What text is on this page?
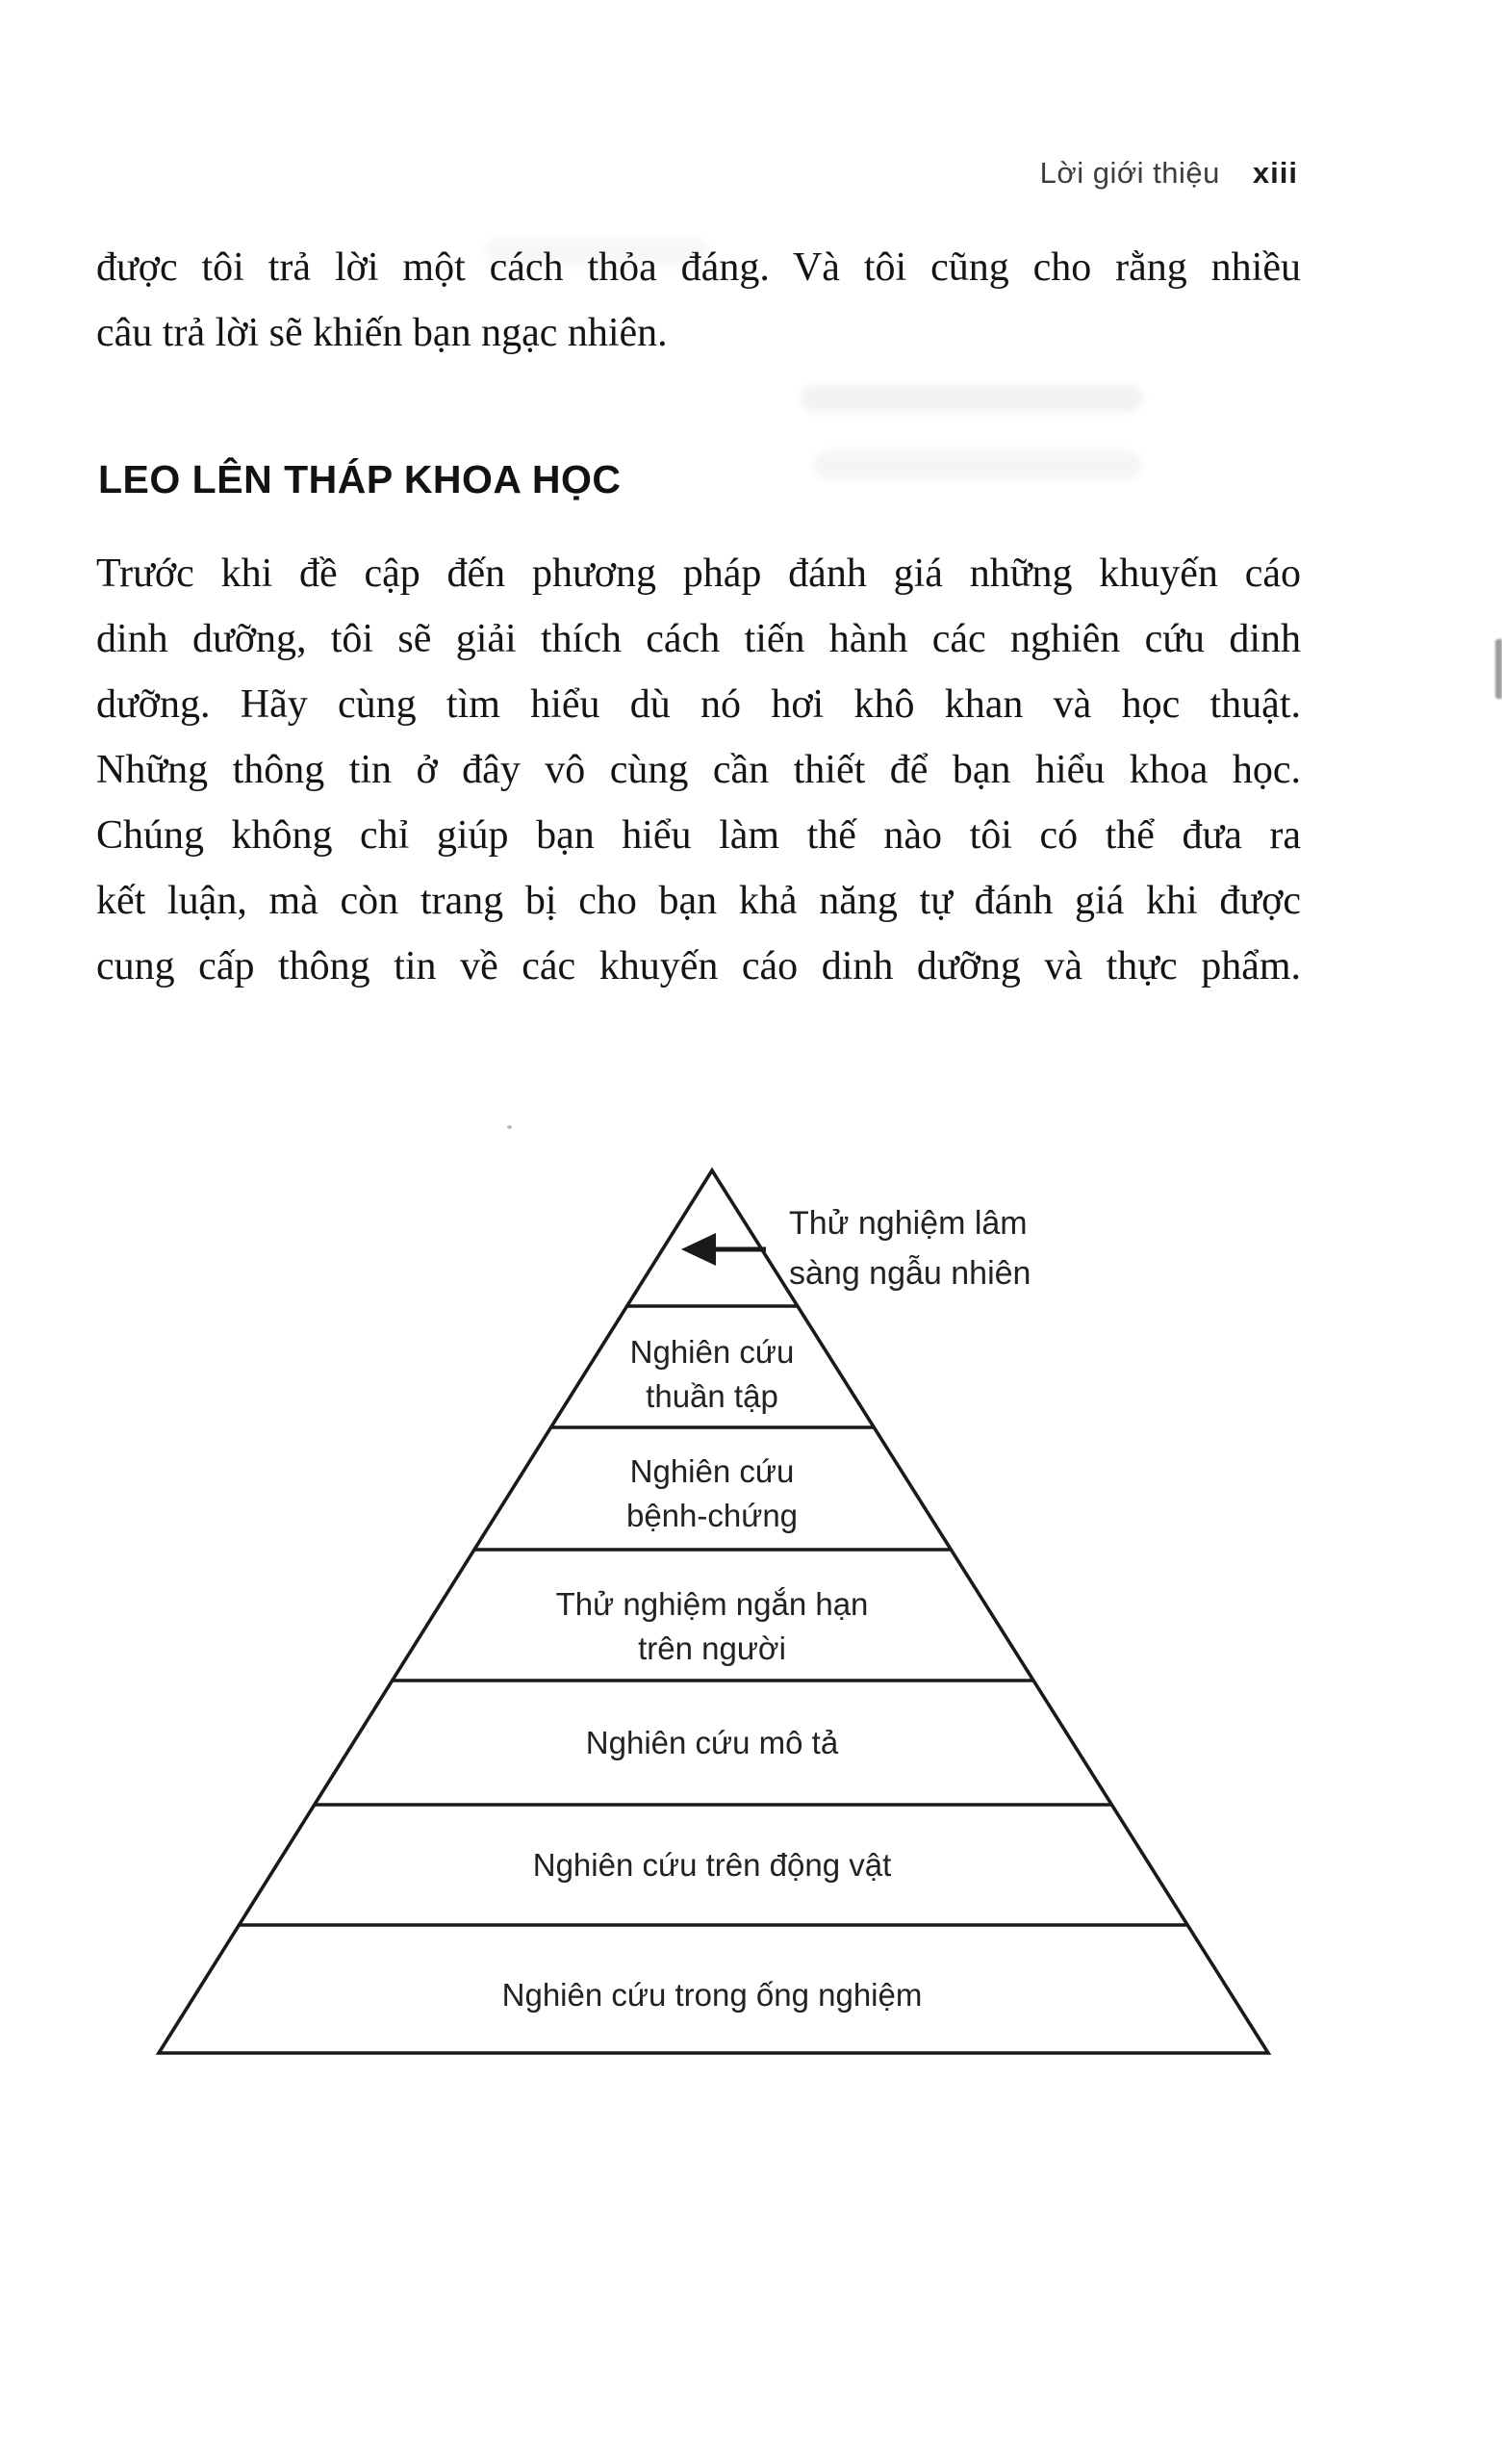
Lời giới thiệu xiii
được tôi trả lời một cách thỏa đáng. Và tôi cũng cho rằng nhiều
câu trả lời sẽ khiến bạn ngạc nhiên.
LEO LÊN THÁP KHOA HỌC
Trước khi đề cập đến phương pháp đánh giá những khuyến cáo
dinh dưỡng, tôi sẽ giải thích cách tiến hành các nghiên cứu dinh
dưỡng. Hãy cùng tìm hiểu dù nó hơi khô khan và học thuật.
Những thông tin ở đây vô cùng cần thiết để bạn hiểu khoa học.
Chúng không chỉ giúp bạn hiểu làm thế nào tôi có thể đưa ra
kết luận, mà còn trang bị cho bạn khả năng tự đánh giá khi được
cung cấp thông tin về các khuyến cáo dinh dưỡng và thực phẩm.
Thử nghiệm lâm
sàng ngẫu nhiên
Nghiên cứu
thuần tập
Nghiên cứu
bệnh-chứng
Thử nghiệm ngắn hạn
trên người
Nghiên cứu mô tả
Nghiên cứu trên động vật
Nghiên cứu trong ống nghiệm
